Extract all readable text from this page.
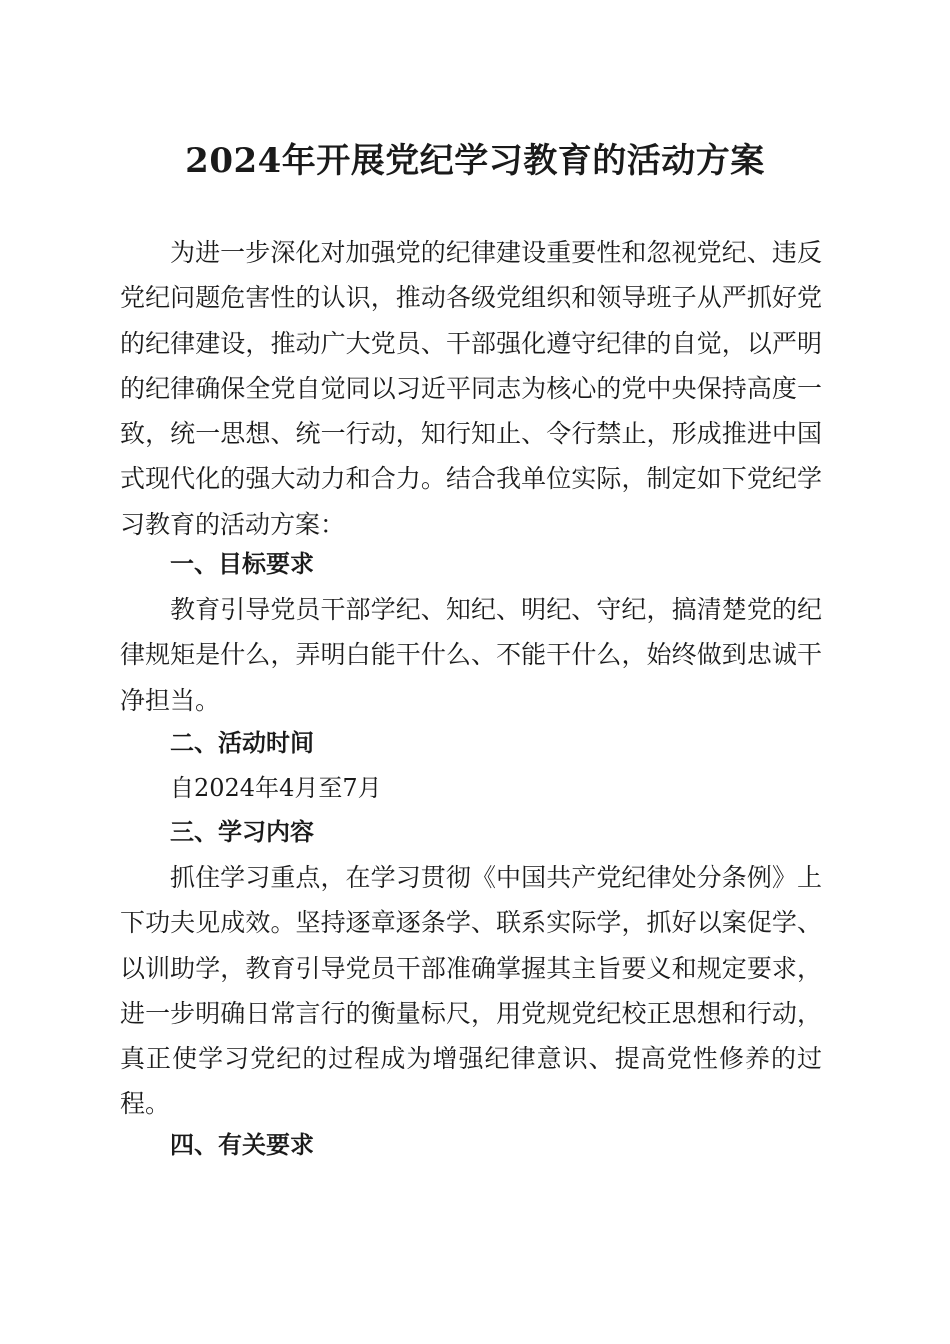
2024年开展党纪学习教育的活动方案

为进一步深化对加强党的纪律建设重要性和忽视党纪、违反党纪问题危害性的认识，推动各级党组织和领导班子从严抓好党的纪律建设，推动广大党员、干部强化遵守纪律的自觉，以严明的纪律确保全党自觉同以习近平同志为核心的党中央保持高度一致，统一思想、统一行动，知行知止、令行禁止，形成推进中国式现代化的强大动力和合力。结合我单位实际，制定如下党纪学习教育的活动方案：

一、目标要求

教育引导党员干部学纪、知纪、明纪、守纪，搞清楚党的纪律规矩是什么，弄明白能干什么、不能干什么，始终做到忠诚干净担当。

二、活动时间

自2024年4月至7月

三、学习内容

抓住学习重点，在学习贯彻《中国共产党纪律处分条例》上下功夫见成效。坚持逐章逐条学、联系实际学，抓好以案促学、以训助学，教育引导党员干部准确掌握其主旨要义和规定要求，进一步明确日常言行的衡量标尺，用党规党纪校正思想和行动，真正使学习党纪的过程成为增强纪律意识、提高党性修养的过程。

四、有关要求
